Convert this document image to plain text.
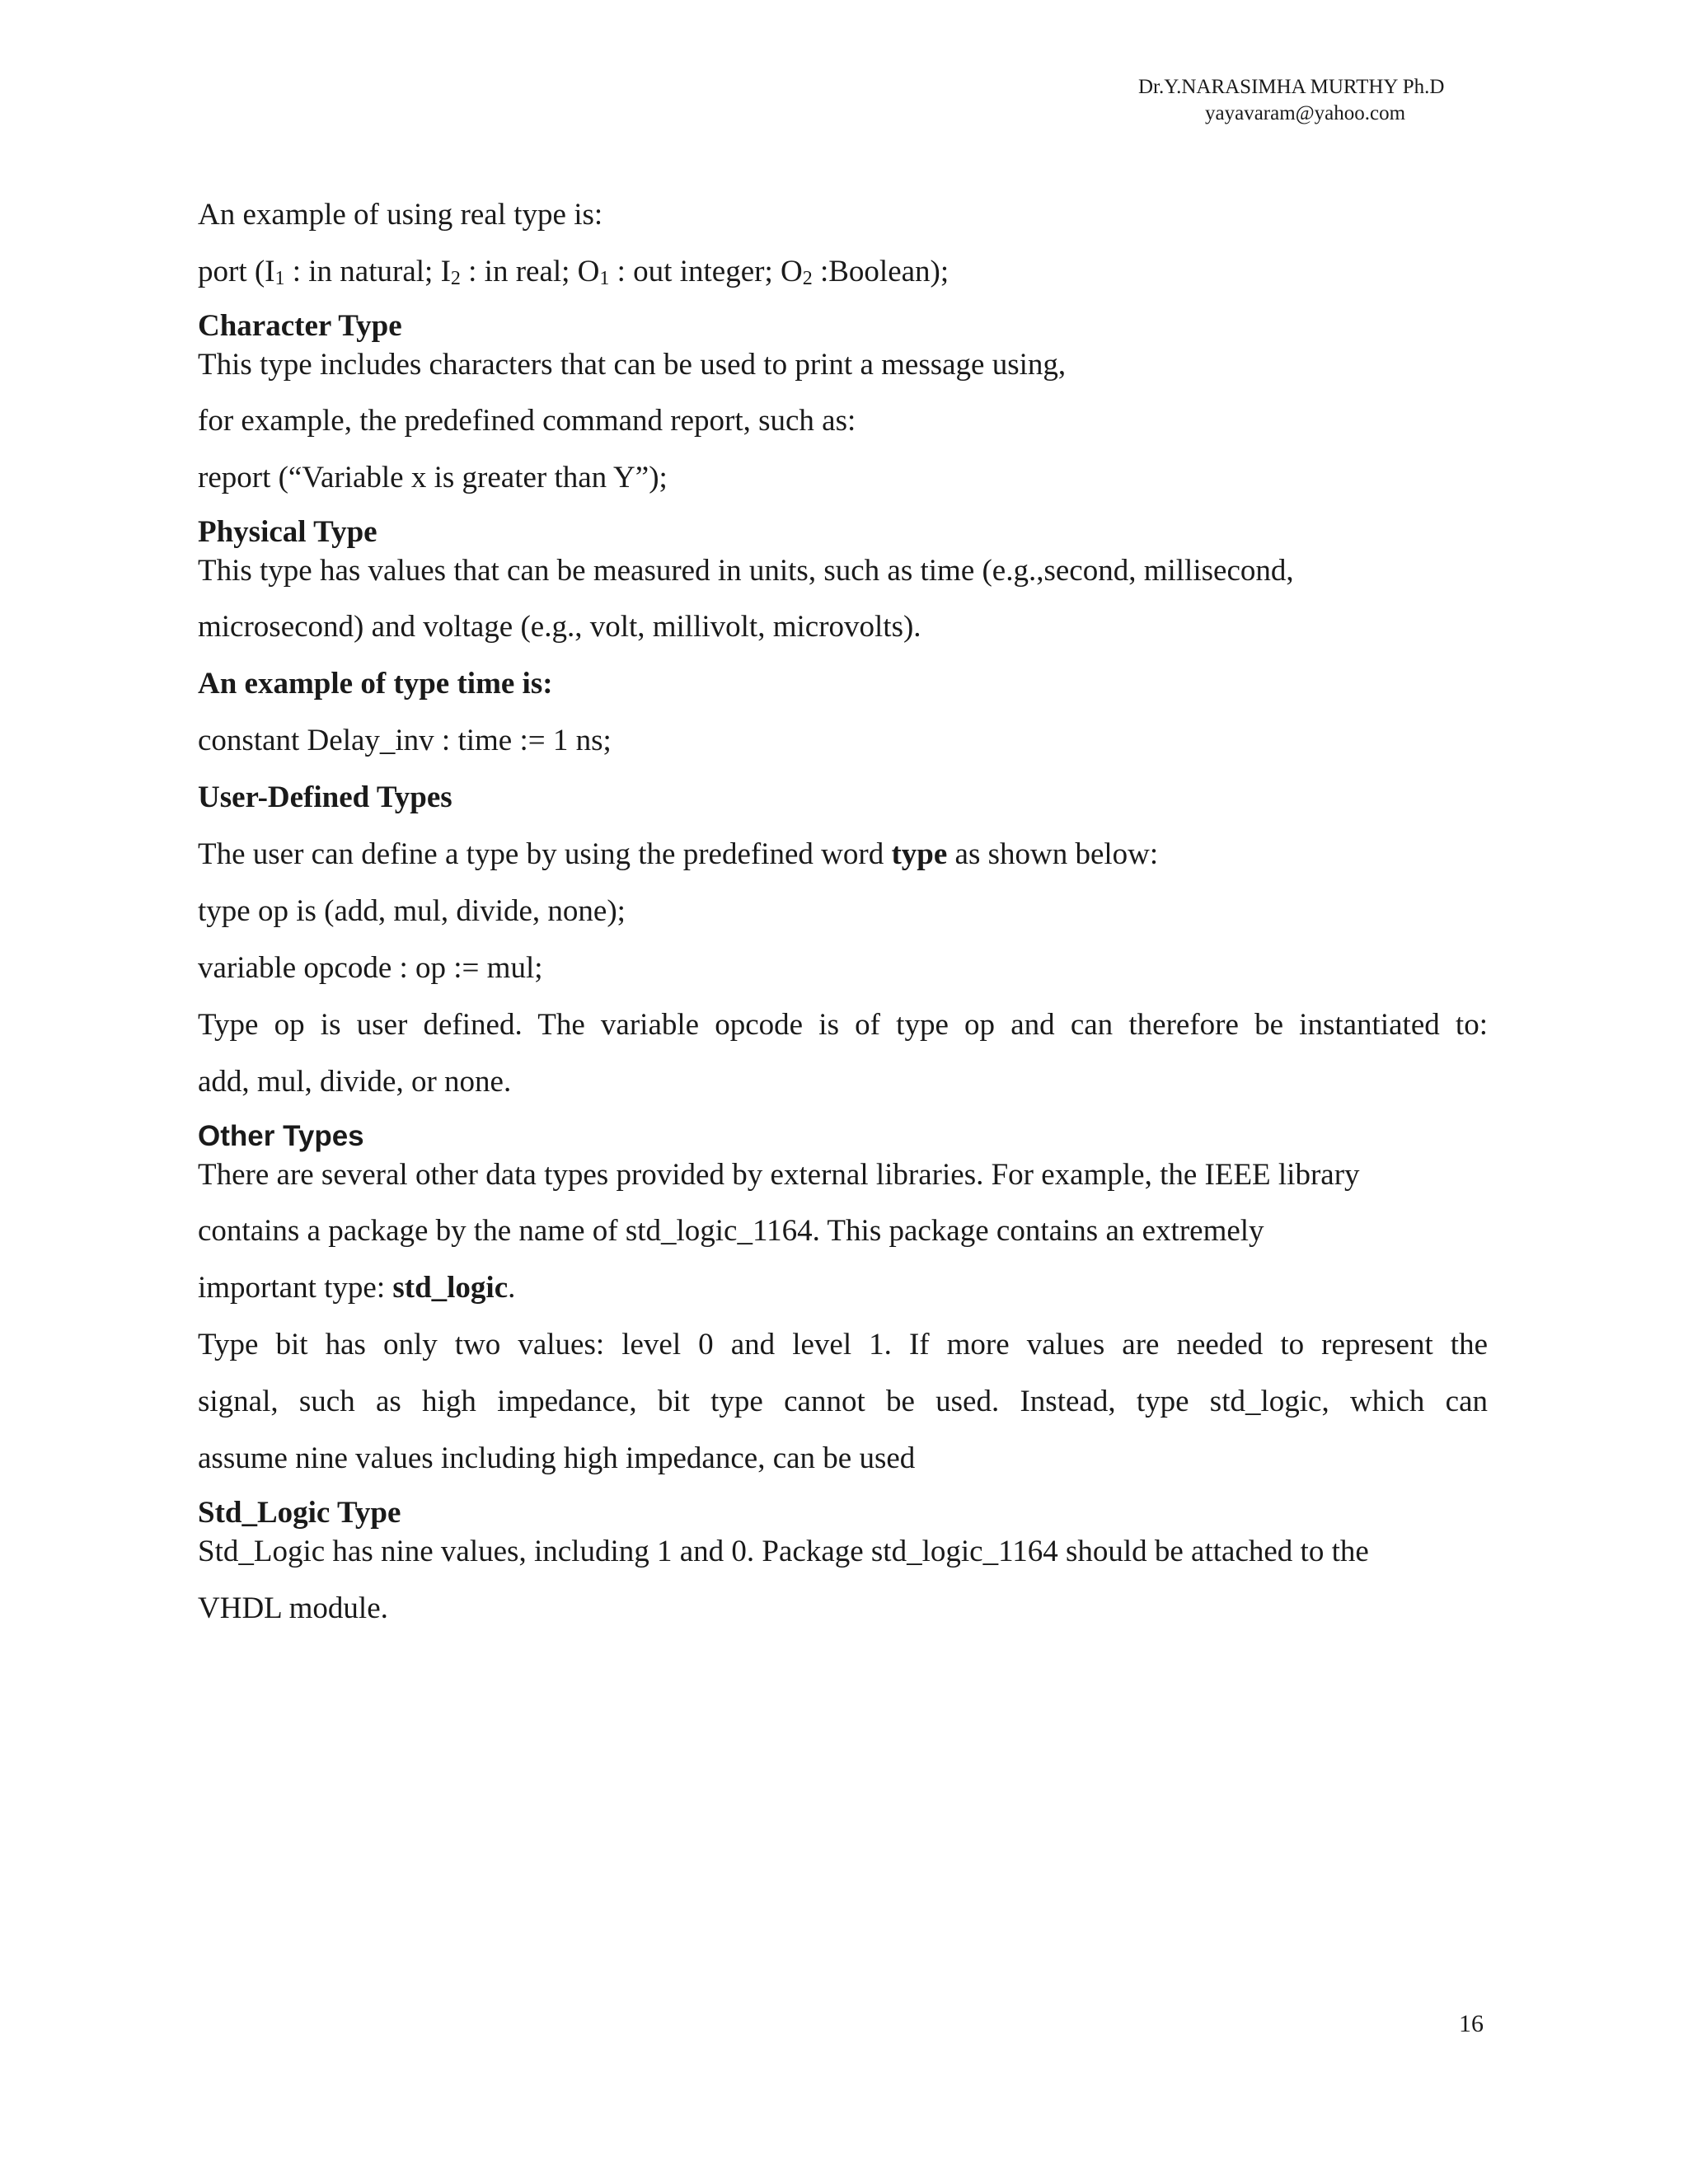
Dr.Y.NARASIMHA MURTHY Ph.D
yayavaram@yahoo.com
An example of using real type is:
port ($I_1$ : in natural; $I_2$ : in real; $O_1$ : out integer; $O_2$ :Boolean);
Character Type
This type includes characters that can be used to print a message using,
for example, the predefined command report, such as:
report (“Variable x is greater than Y”);
Physical Type
This type has values that can be measured in units, such as time (e.g.,second, millisecond,
microsecond) and voltage (e.g., volt, millivolt, microvolts).
An example of type time is:
constant Delay_inv : time := 1 ns;
User-Defined Types
The user can define a type by using the predefined word type as shown below:
type op is (add, mul, divide, none);
variable opcode : op := mul;
Type op is user defined. The variable opcode is of type op and can therefore be instantiated to:
add, mul, divide, or none.
Other Types
There are several other data types provided by external libraries. For example, the IEEE library
contains a package by the name of std_logic_1164. This package contains an extremely
important type: std_logic.
Type bit has only two values: level 0 and level 1. If more values are needed to represent the
signal, such as high impedance, bit type cannot be used. Instead, type std_logic, which can
assume nine values including high impedance, can be used
Std_Logic Type
Std_Logic has nine values, including 1 and 0. Package std_logic_1164 should be attached to the
VHDL module.
16
